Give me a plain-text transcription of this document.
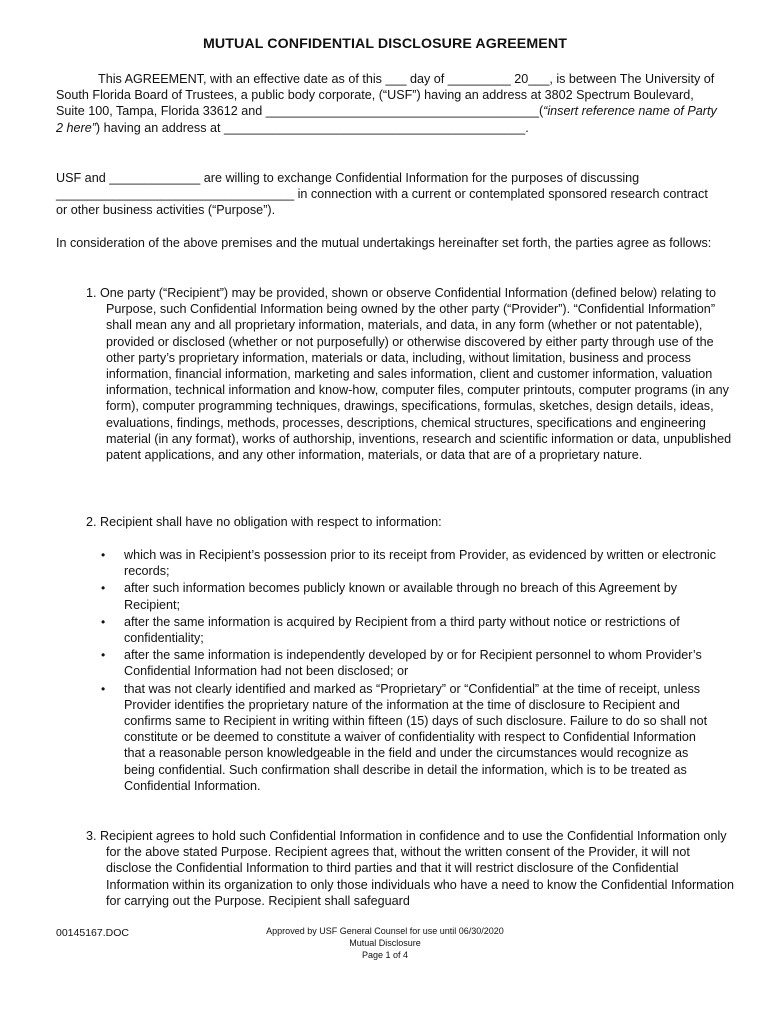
MUTUAL CONFIDENTIAL DISCLOSURE AGREEMENT

This AGREEMENT, with an effective date as of this ___ day of _________ 20___, is between The University of South Florida Board of Trustees, a public body corporate, (“USF”) having an address at 3802 Spectrum Boulevard, Suite 100, Tampa, Florida 33612 and _______________________________________(“insert reference name of Party 2 here”) having an address at ___________________________________________.

USF and _____________ are willing to exchange Confidential Information for the purposes of discussing __________________________________ in connection with a current or contemplated sponsored research contract or other business activities (“Purpose”).

In consideration of the above premises and the mutual undertakings hereinafter set forth, the parties agree as follows:

1. One party (“Recipient”) may be provided, shown or observe Confidential Information (defined below) relating to Purpose, such Confidential Information being owned by the other party (“Provider”). “Confidential Information” shall mean any and all proprietary information, materials, and data, in any form (whether or not patentable), provided or disclosed (whether or not purposefully) or otherwise discovered by either party through use of the other party’s proprietary information, materials or data, including, without limitation, business and process information, financial information, marketing and sales information, client and customer information, valuation information, technical information and know-how, computer files, computer printouts, computer programs (in any form), computer programming techniques, drawings, specifications, formulas, sketches, design details, ideas, evaluations, findings, methods, processes, descriptions, chemical structures, specifications and engineering material (in any format), works of authorship, inventions, research and scientific information or data, unpublished patent applications, and any other information, materials, or data that are of a proprietary nature.

2. Recipient shall have no obligation with respect to information:

• which was in Recipient’s possession prior to its receipt from Provider, as evidenced by written or electronic records;
• after such information becomes publicly known or available through no breach of this Agreement by Recipient;
• after the same information is acquired by Recipient from a third party without notice or restrictions of confidentiality;
• after the same information is independently developed by or for Recipient personnel to whom Provider’s Confidential Information had not been disclosed; or
• that was not clearly identified and marked as “Proprietary” or “Confidential” at the time of receipt, unless Provider identifies the proprietary nature of the information at the time of disclosure to Recipient and confirms same to Recipient in writing within fifteen (15) days of such disclosure. Failure to do so shall not constitute or be deemed to constitute a waiver of confidentiality with respect to Confidential Information that a reasonable person knowledgeable in the field and under the circumstances would recognize as being confidential. Such confirmation shall describe in detail the information, which is to be treated as Confidential Information.

3. Recipient agrees to hold such Confidential Information in confidence and to use the Confidential Information only for the above stated Purpose. Recipient agrees that, without the written consent of the Provider, it will not disclose the Confidential Information to third parties and that it will restrict disclosure of the Confidential Information within its organization to only those individuals who have a need to know the Confidential Information for carrying out the Purpose. Recipient shall safeguard

00145167.DOC	Approved by USF General Counsel for use until 06/30/2020
Mutual Disclosure
Page 1 of 4
